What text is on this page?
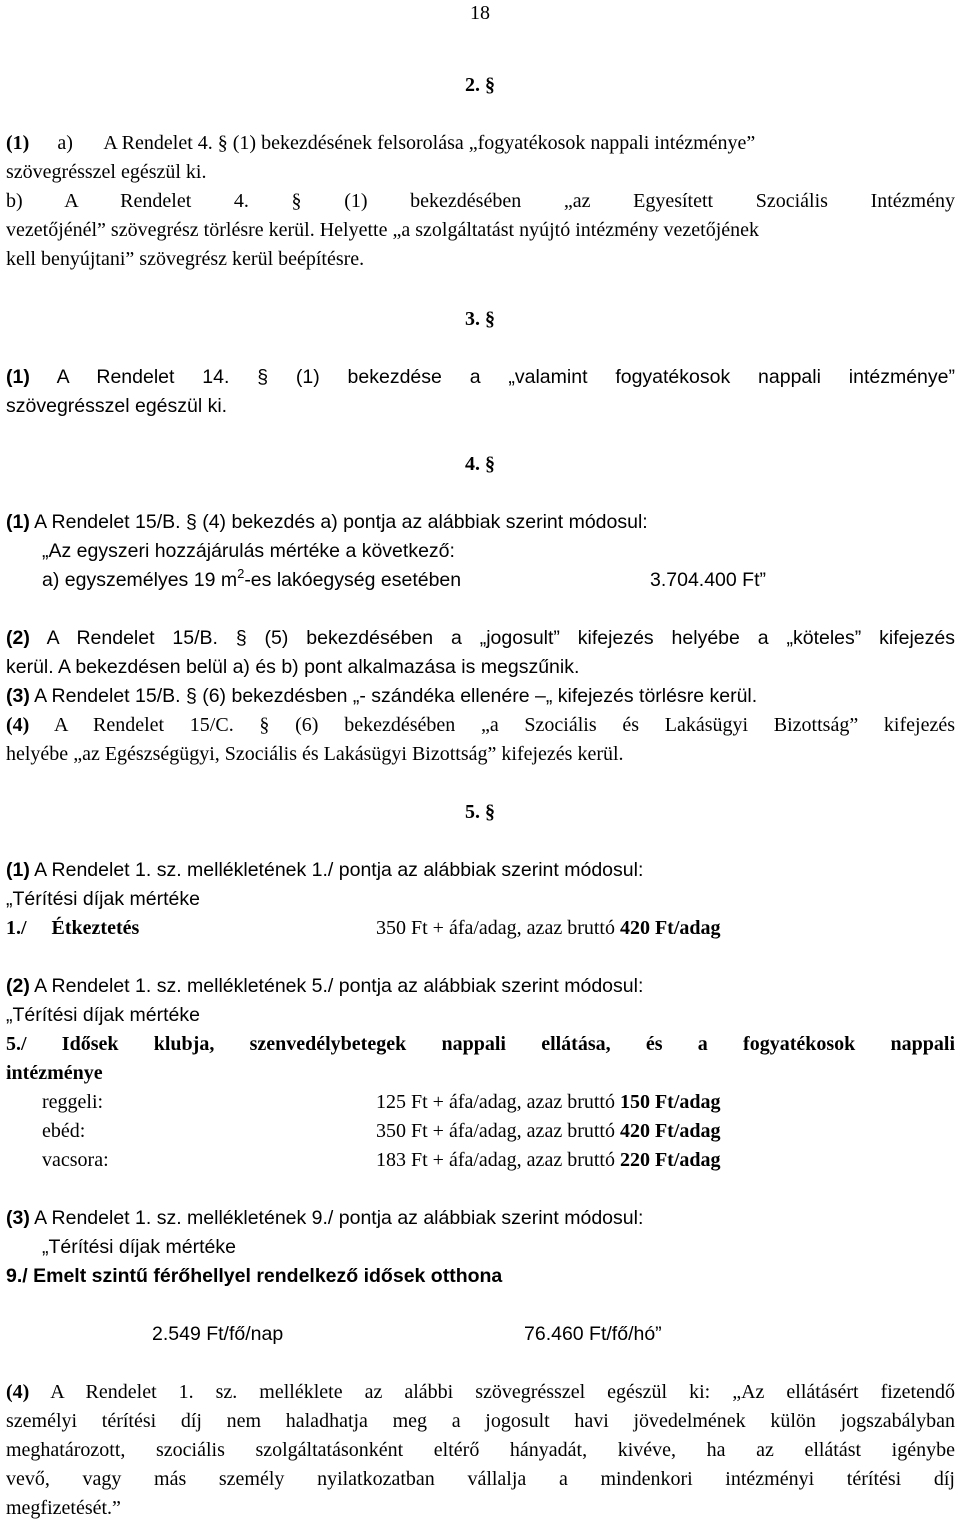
18
2. §
(1) a) A Rendelet 4. § (1) bekezdésének felsorolása „fogyatékosok nappali intézménye”
szövegrésszel egészül ki.
b) A Rendelet 4. § (1) bekezdésében „az Egyesített Szociális Intézmény
vezetőjénél” szövegrész törlésre kerül. Helyette „a szolgáltatást nyújtó intézmény vezetőjének
kell benyújtani” szövegrész kerül beépítésre.
3. §
(1) A Rendelet 14. § (1) bekezdése a „valamint fogyatékosok nappali intézménye”
szövegrésszel egészül ki.
4. §
(1) A Rendelet 15/B. § (4) bekezdés a) pontja az alábbiak szerint módosul:
„Az egyszeri hozzájárulás mértéke a következő:
a) egyszemélyes 19 $m^2-es$ lakóegység esetében	3.704.400 Ft”
(2) A Rendelet 15/B. § (5) bekezdésében a „jogosult” kifejezés helyébe a „köteles” kifejezés
kerül. A bekezdésen belül a) és b) pont alkalmazása is megszűnik.
(3) A Rendelet 15/B. § (6) bekezdésben „- szándéka ellenére –„ kifejezés törlésre kerül.
(4) A Rendelet 15/C. § (6) bekezdésében „a Szociális és Lakásügyi Bizottság” kifejezés
helyébe „az Egészségügyi, Szociális és Lakásügyi Bizottság” kifejezés kerül.
5. §
(1) A Rendelet 1. sz. mellékletének 1./ pontja az alábbiak szerint módosul:
„Térítési díjak mértéke
1./     Étkeztetés	350 Ft + áfa/adag, azaz bruttó 420 Ft/adag
(2) A Rendelet 1. sz. mellékletének 5./ pontja az alábbiak szerint módosul:
„Térítési díjak mértéke
5./ Idősek klubja, szenvedélybetegek nappali ellátása, és a fogyatékosok nappali
intézménye
reggeli:	125 Ft + áfa/adag, azaz bruttó 150 Ft/adag
ebéd:	350 Ft + áfa/adag, azaz bruttó 420 Ft/adag
vacsora:	183 Ft + áfa/adag, azaz bruttó 220 Ft/adag
(3) A Rendelet 1. sz. mellékletének 9./ pontja az alábbiak szerint módosul:
„Térítési díjak mértéke
9./ Emelt szintű férőhellyel rendelkező idősek otthona
2.549 Ft/fő/nap	76.460 Ft/fő/hó”
(4) A Rendelet 1. sz. melléklete az alábbi szövegrésszel egészül ki: „Az ellátásért fizetendő
személyi térítési díj nem haladhatja meg a jogosult havi jövedelmének külön jogszabályban
meghatározott, szociális szolgáltatásonként eltérő hányadát, kivéve, ha az ellátást igénybe
vevő, vagy más személy nyilatkozatban vállalja a mindenkori intézményi térítési díj
megfizetését.”
